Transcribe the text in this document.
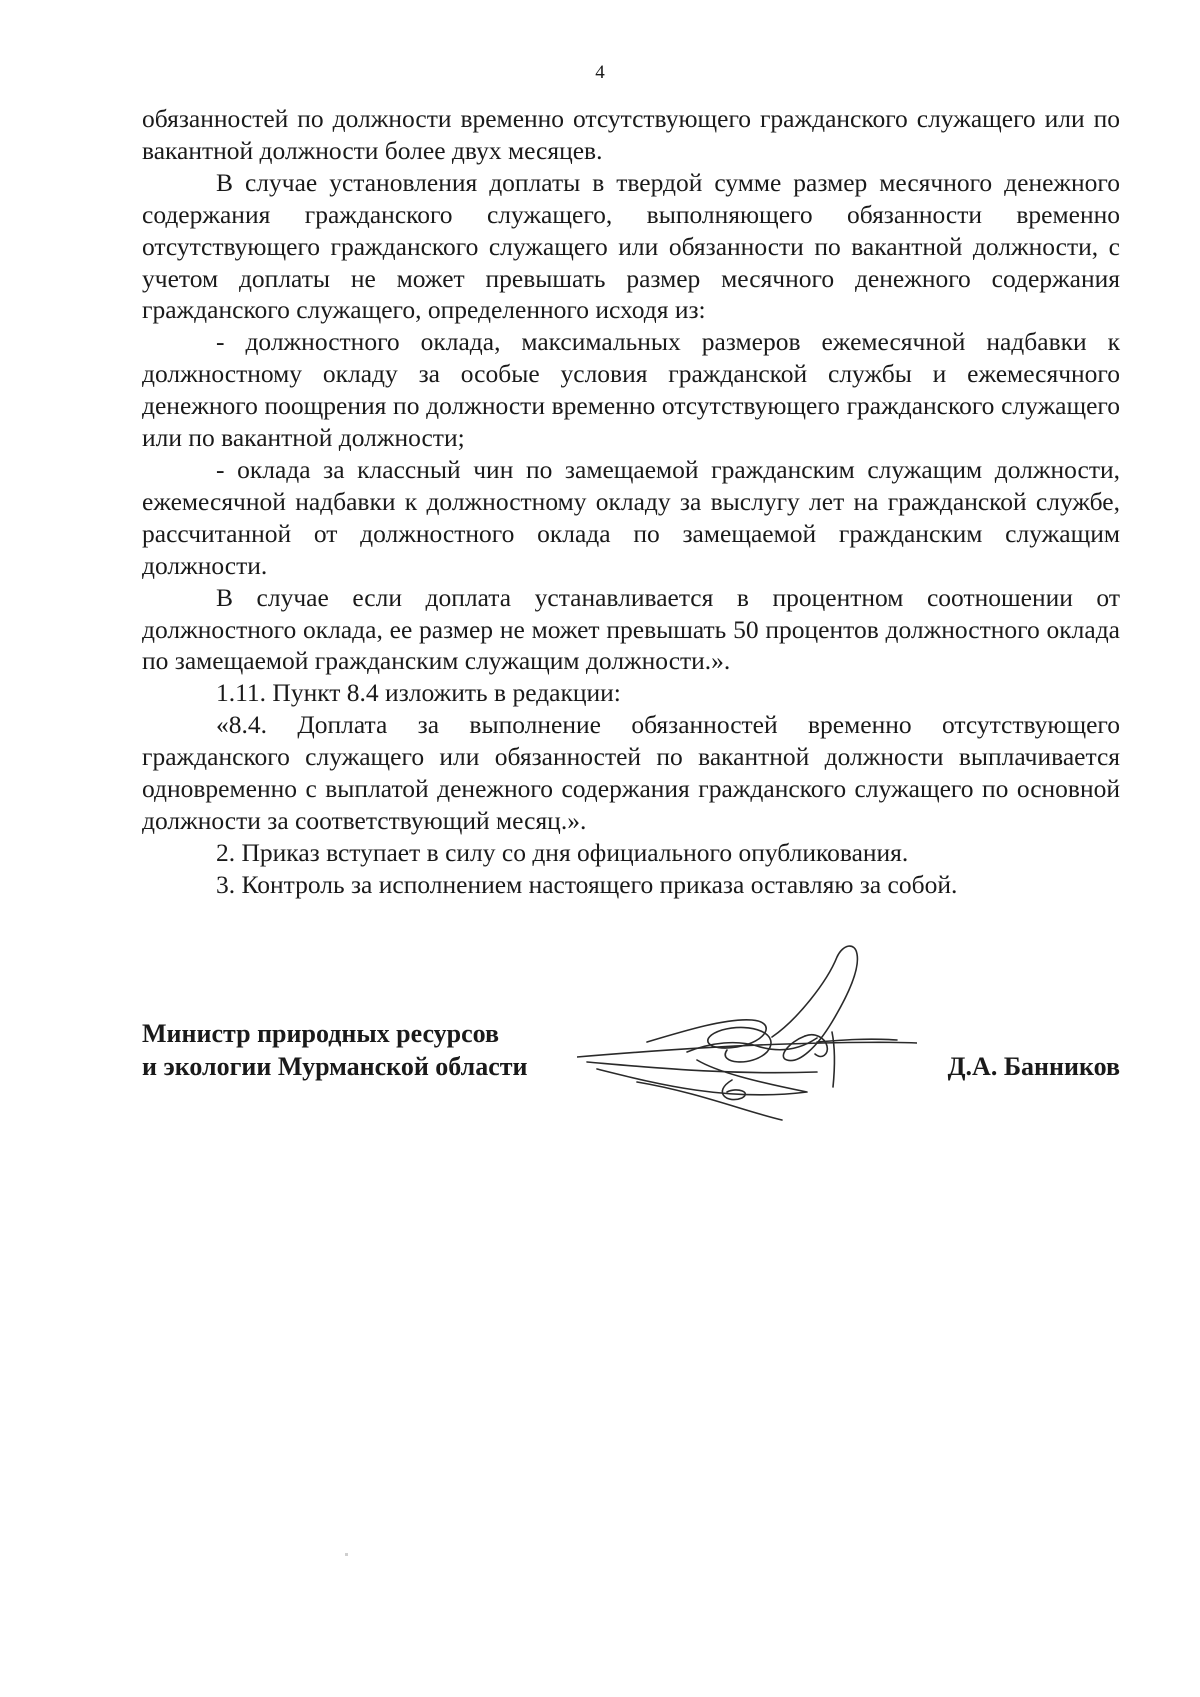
4

обязанностей по должности временно отсутствующего гражданского служащего или по вакантной должности более двух месяцев.

В случае установления доплаты в твердой сумме размер месячного денежного содержания гражданского служащего, выполняющего обязанности временно отсутствующего гражданского служащего или обязанности по вакантной должности, с учетом доплаты не может превышать размер месячного денежного содержания гражданского служащего, определенного исходя из:

- должностного оклада, максимальных размеров ежемесячной надбавки к должностному окладу за особые условия гражданской службы и ежемесячного денежного поощрения по должности временно отсутствующего гражданского служащего или по вакантной должности;

- оклада за классный чин по замещаемой гражданским служащим должности, ежемесячной надбавки к должностному окладу за выслугу лет на гражданской службе, рассчитанной от должностного оклада по замещаемой гражданским служащим должности.

В случае если доплата устанавливается в процентном соотношении от должностного оклада, ее размер не может превышать 50 процентов должностного оклада по замещаемой гражданским служащим должности.».

1.11. Пункт 8.4 изложить в редакции:

«8.4. Доплата за выполнение обязанностей временно отсутствующего гражданского служащего или обязанностей по вакантной должности выплачивается одновременно с выплатой денежного содержания гражданского служащего по основной должности за соответствующий месяц.».

2. Приказ вступает в силу со дня официального опубликования.

3. Контроль за исполнением настоящего приказа оставляю за собой.

Министр природных ресурсов
и экологии Мурманской области	Д.А. Банников
